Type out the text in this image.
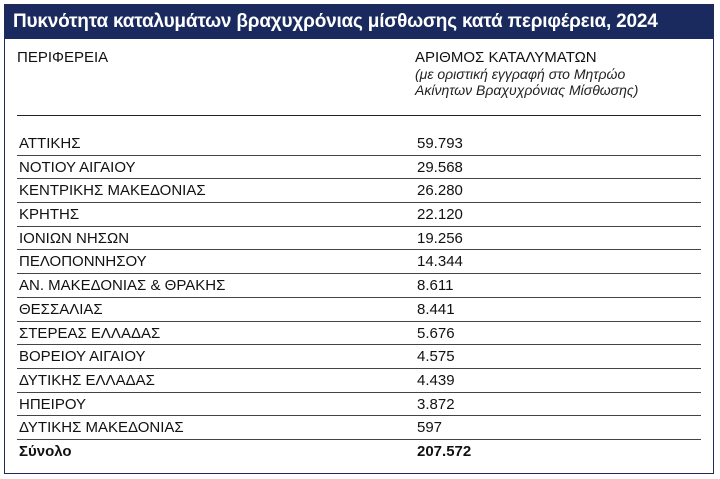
Πυκνότητα καταλυμάτων βραχυχρόνιας μίσθωσης κατά περιφέρεια, 2024
ΠΕΡΙΦΕΡΕΙΑ	ΑΡΙΘΜΟΣ ΚΑΤΑΛΥΜΑΤΩΝ
(με οριστική εγγραφή στο Μητρώο
Ακίνητων Βραχυχρόνιας Μίσθωσης)
ΑΤΤΙΚΗΣ	59.793
ΝΟΤΙΟΥ ΑΙΓΑΙΟΥ	29.568
ΚΕΝΤΡΙΚΗΣ ΜΑΚΕΔΟΝΙΑΣ	26.280
ΚΡΗΤΗΣ	22.120
ΙΟΝΙΩΝ ΝΗΣΩΝ	19.256
ΠΕΛΟΠΟΝΝΗΣΟΥ	14.344
ΑΝ. ΜΑΚΕΔΟΝΙΑΣ & ΘΡΑΚΗΣ	8.611
ΘΕΣΣΑΛΙΑΣ	8.441
ΣΤΕΡΕΑΣ ΕΛΛΑΔΑΣ	5.676
ΒΟΡΕΙΟΥ ΑΙΓΑΙΟΥ	4.575
ΔΥΤΙΚΗΣ ΕΛΛΑΔΑΣ	4.439
ΗΠΕΙΡΟΥ	3.872
ΔΥΤΙΚΗΣ ΜΑΚΕΔΟΝΙΑΣ	597
Σύνολο	207.572
